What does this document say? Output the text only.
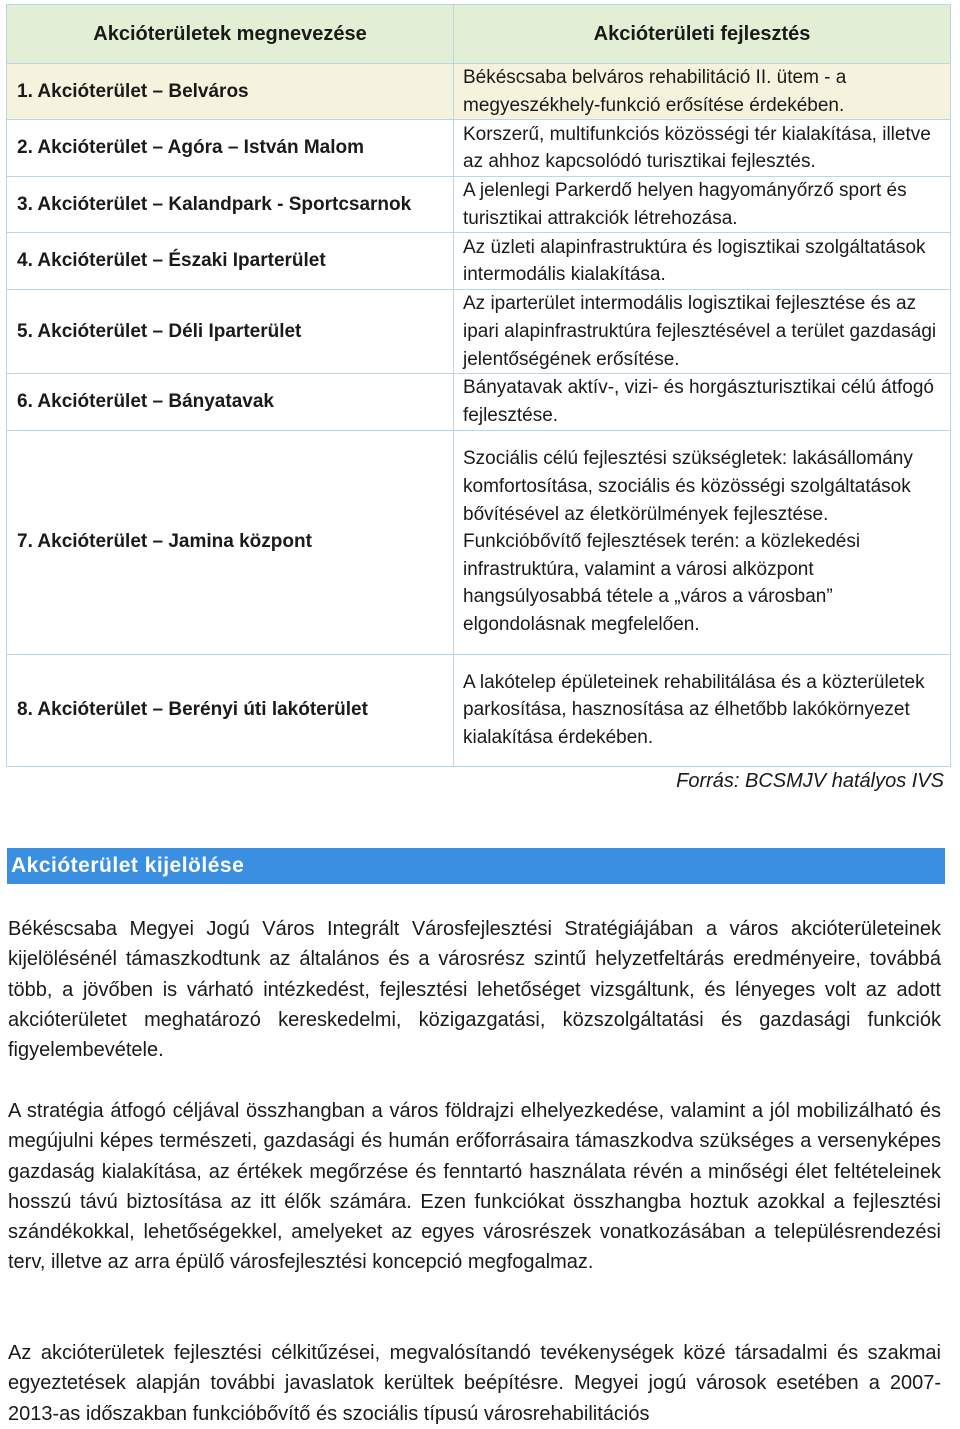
Akcióterületek megnevezése	Akcióterületi fejlesztés
1. Akcióterület – Belváros	Békéscsaba belváros rehabilitáció II. ütem - a megyeszékhely-funkció erősítése érdekében.
2. Akcióterület – Agóra – István Malom	Korszerű, multifunkciós közösségi tér kialakítása, illetve az ahhoz kapcsolódó turisztikai fejlesztés.
3. Akcióterület – Kalandpark - Sportcsarnok	A jelenlegi Parkerdő helyen hagyományőrző sport és turisztikai attrakciók létrehozása.
4. Akcióterület – Északi Iparterület	Az üzleti alapinfrastruktúra és logisztikai szolgáltatások intermodális kialakítása.
5. Akcióterület – Déli Iparterület	Az iparterület intermodális logisztikai fejlesztése és az ipari alapinfrastruktúra fejlesztésével a terület gazdasági jelentőségének erősítése.
6. Akcióterület – Bányatavak	Bányatavak aktív-, vizi- és horgászturisztikai célú átfogó fejlesztése.
7. Akcióterület – Jamina központ	Szociális célú fejlesztési szükségletek: lakásállomány komfortosítása, szociális és közösségi szolgáltatások bővítésével az életkörülmények fejlesztése. Funkcióbővítő fejlesztések terén: a közlekedési infrastruktúra, valamint a városi alközpont hangsúlyosabbá tétele a „város a városban” elgondolásnak megfelelően.
8. Akcióterület – Berényi úti lakóterület	A lakótelep épületeinek rehabilitálása és a közterületek parkosítása, hasznosítása az élhetőbb lakókörnyezet kialakítása érdekében.
Forrás: BCSMJV hatályos IVS
Akcióterület kijelölése

Békéscsaba Megyei Jogú Város Integrált Városfejlesztési Stratégiájában a város akcióterületeinek kijelölésénél támaszkodtunk az általános és a városrész szintű helyzetfeltárás eredményeire, továbbá több, a jövőben is várható intézkedést, fejlesztési lehetőséget vizsgáltunk, és lényeges volt az adott akcióterületet meghatározó kereskedelmi, közigazgatási, közszolgáltatási és gazdasági funkciók figyelembevétele.

A stratégia átfogó céljával összhangban a város földrajzi elhelyezkedése, valamint a jól mobilizálható és megújulni képes természeti, gazdasági és humán erőforrásaira támaszkodva szükséges a versenyképes gazdaság kialakítása, az értékek megőrzése és fenntartó használata révén a minőségi élet feltételeinek hosszú távú biztosítása az itt élők számára. Ezen funkciókat összhangba hoztuk azokkal a fejlesztési szándékokkal, lehetőségekkel, amelyeket az egyes városrészek vonatkozásában a településrendezési terv, illetve az arra épülő városfejlesztési koncepció megfogalmaz.

Az akcióterületek fejlesztési célkitűzései, megvalósítandó tevékenységek közé társadalmi és szakmai egyeztetések alapján további javaslatok kerültek beépítésre. Megyei jogú városok esetében a 2007-2013-as időszakban funkcióbővítő és szociális típusú városrehabilitációs
